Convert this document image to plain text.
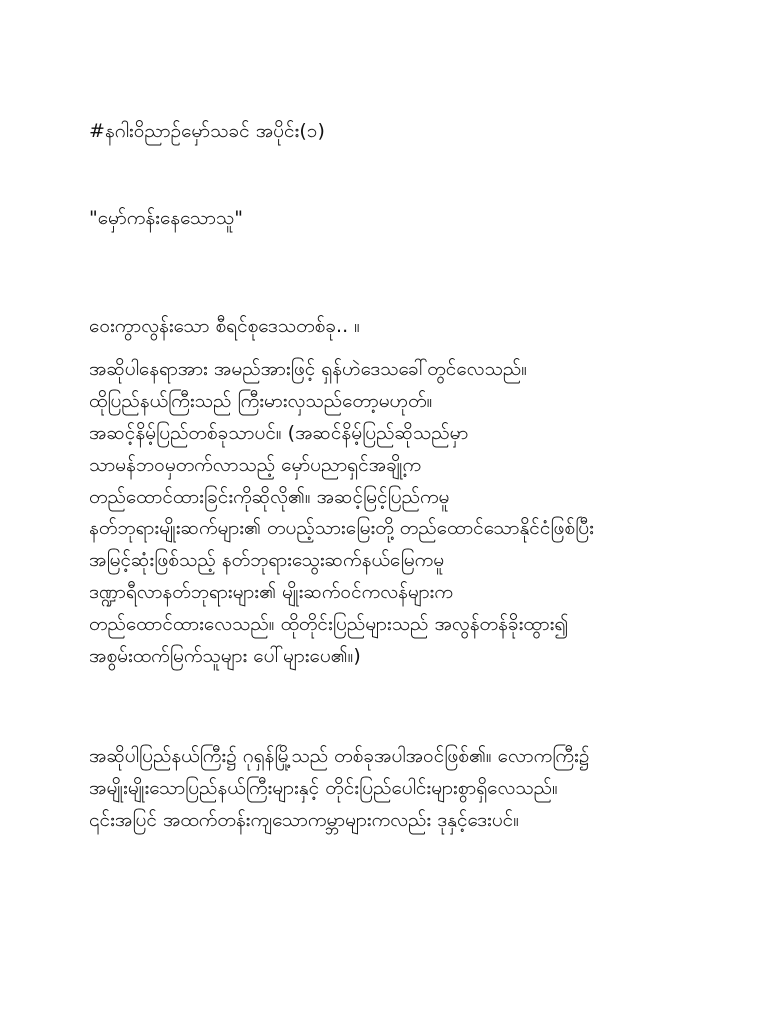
#နဂါးဝိညာဉ်မှော်သခင် အပိုင်း(၁)
"မှော်ကန်းနေသောသူ"
ဝေးကွာလွန်းသော စီရင်စုဒေသတစ်ခု.. ။
အဆိုပါနေရာအား အမည်အားဖြင့် ရှန်ဟဲဒေသခေါ်တွင်လေသည်။
ထိုပြည်နယ်ကြီးသည် ကြီးမားလှသည်တော့မဟုတ်။
အဆင့်နိမ့်ပြည်တစ်ခုသာပင်။ (အဆင်နိမ့်ပြည်ဆိုသည်မှာ
သာမန်ဘဝမှတက်လာသည့် မှော်ပညာရှင်အချို့က
တည်ထောင်ထားခြင်းကိုဆိုလို၏။ အဆင့်မြင့်ပြည်ကမူ
နတ်ဘုရားမျိုးဆက်များ၏ တပည့်သားမြေးတို့ တည်ထောင်သောနိုင်ငံဖြစ်ပြီး
အမြင့်ဆုံးဖြစ်သည့် နတ်ဘုရားသွေးဆက်နယ်မြေကမူ
ဒဏ္ဍာရီလာနတ်ဘုရားများ၏ မျိုးဆက်ဝင်ကလန်များက
တည်ထောင်ထားလေသည်။ ထိုတိုင်းပြည်များသည် အလွန်တန်ခိုးထွား၍
အစွမ်းထက်မြက်သူများ ပေါ်များပေ၏။)
အဆိုပါပြည်နယ်ကြီး၌ ဂုရှန်မြို့သည် တစ်ခုအပါအဝင်ဖြစ်၏။ လောကကြီး၌
အမျိုးမျိုးသောပြည်နယ်ကြီးများနှင့် တိုင်းပြည်ပေါင်းများစွာရှိလေသည်။
၎င်းအပြင် အထက်တန်းကျသောကမ္ဘာများကလည်း ဒုနှင့်ဒေးပင်။
